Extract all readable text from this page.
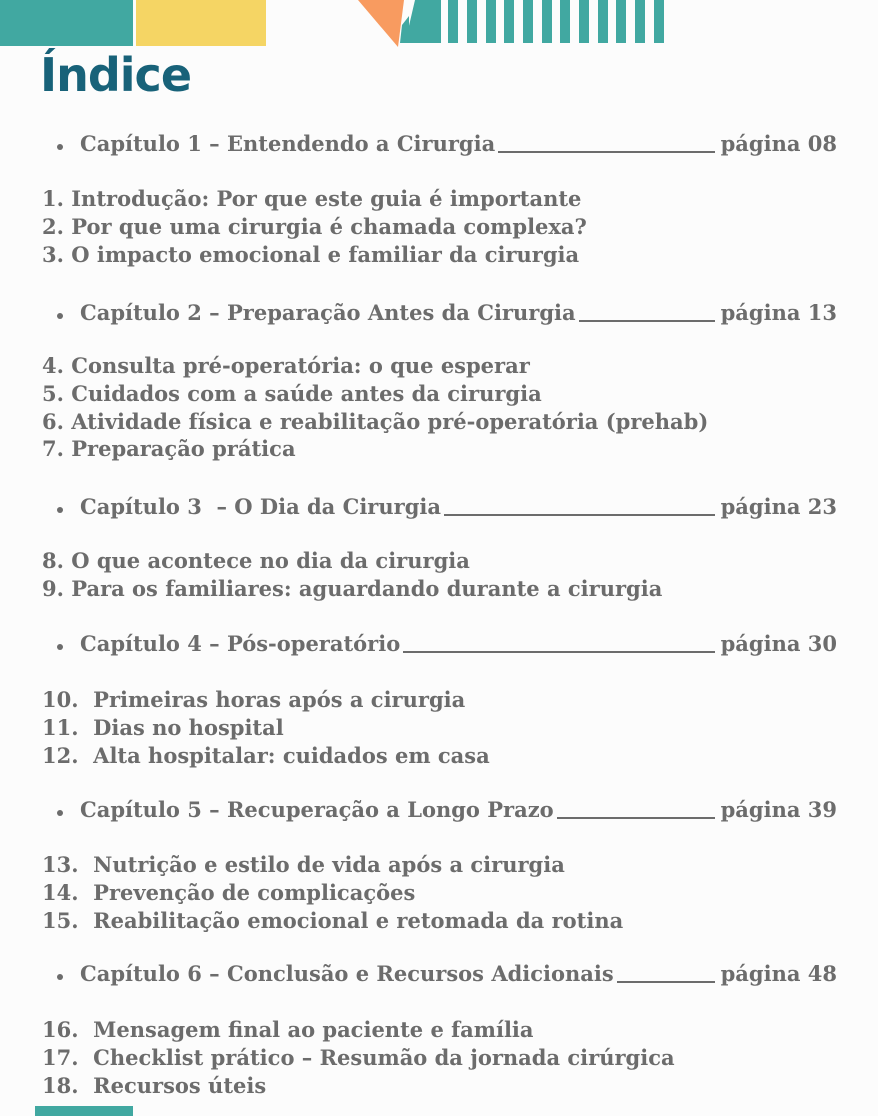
Índice
Capítulo 1 – Entendendo a Cirurgia	página 08
1. Introdução: Por que este guia é importante
2. Por que uma cirurgia é chamada complexa?
3. O impacto emocional e familiar da cirurgia
Capítulo 2 – Preparação Antes da Cirurgia	página 13
4. Consulta pré-operatória: o que esperar
5. Cuidados com a saúde antes da cirurgia
6. Atividade física e reabilitação pré-operatória (prehab)
7. Preparação prática
Capítulo 3  – O Dia da Cirurgia	página 23
8. O que acontece no dia da cirurgia
9. Para os familiares: aguardando durante a cirurgia
Capítulo 4 – Pós-operatório	página 30
10.  Primeiras horas após a cirurgia
11.  Dias no hospital
12.  Alta hospitalar: cuidados em casa
Capítulo 5 – Recuperação a Longo Prazo	página 39
13.  Nutrição e estilo de vida após a cirurgia
14.  Prevenção de complicações
15.  Reabilitação emocional e retomada da rotina
Capítulo 6 – Conclusão e Recursos Adicionais	página 48
16.  Mensagem final ao paciente e família
17.  Checklist prático – Resumão da jornada cirúrgica
18.  Recursos úteis
